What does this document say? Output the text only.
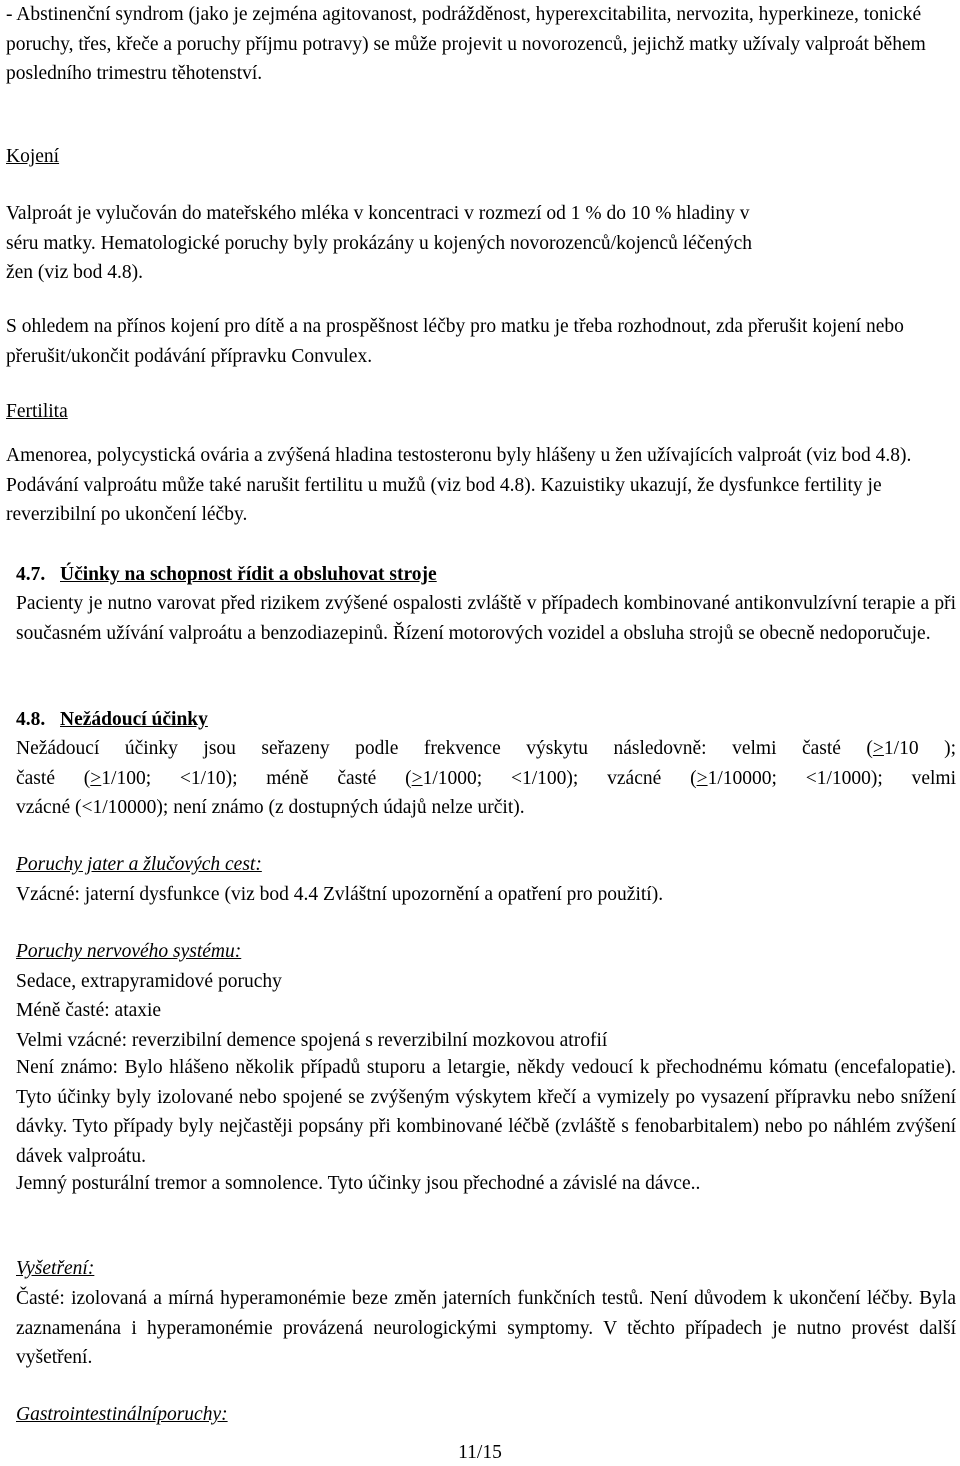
- Abstinenční syndrom (jako je zejména agitovanost, podrážděnost, hyperexcitabilita, nervozita, hyperkineze, tonické poruchy, třes, křeče a poruchy příjmu potravy) se může projevit u novorozenců, jejichž matky užívaly valproát během posledního trimestru těhotenství.

Kojení

Valproát je vylučován do mateřského mléka v koncentraci v rozmezí od 1 % do 10 % hladiny v
séru matky. Hematologické poruchy byly prokázány u kojených novorozenců/kojenců léčených
žen (viz bod 4.8).

S ohledem na přínos kojení pro dítě a na prospěšnost léčby pro matku je třeba rozhodnout, zda přerušit kojení nebo přerušit/ukončit podávání přípravku Convulex.

Fertilita

Amenorea, polycystická ovária a zvýšená hladina testosteronu byly hlášeny u žen užívajících valproát (viz bod 4.8). Podávání valproátu může také narušit fertilitu u mužů (viz bod 4.8). Kazuistiky ukazují, že dysfunkce fertility je reverzibilní po ukončení léčby.

4.7. Účinky na schopnost řídit a obsluhovat stroje

Pacienty je nutno varovat před rizikem zvýšené ospalosti zvláště v případech kombinované antikonvulzívní terapie a při současném užívání valproátu a benzodiazepinů. Řízení motorových vozidel a obsluha strojů se obecně nedoporučuje.

4.8. Nežádoucí účinky

Nežádoucí účinky jsou seřazeny podle frekvence výskytu následovně: velmi časté (≥1/10 );
časté (≥1/100; <1/10); méně časté (≥1/1000; <1/100); vzácné (≥1/10000; <1/1000); velmi
vzácné (<1/10000); není známo (z dostupných údajů nelze určit).

Poruchy jater a žlučových cest:
Vzácné: jaterní dysfunkce (viz bod 4.4 Zvláštní upozornění a opatření pro použití).

Poruchy nervového systému:
Sedace, extrapyramidové poruchy
Méně časté: ataxie
Velmi vzácné: reverzibilní demence spojená s reverzibilní mozkovou atrofií

Není známo: Bylo hlášeno několik případů stuporu a letargie, někdy vedoucí k přechodnému kómatu (encefalopatie). Tyto účinky byly izolované nebo spojené se zvýšeným výskytem křečí a vymizely po vysazení přípravku nebo snížení dávky. Tyto případy byly nejčastěji popsány při kombinované léčbě (zvláště s fenobarbitalem) nebo po náhlém zvýšení dávek valproátu.

Jemný posturální tremor a somnolence. Tyto účinky jsou přechodné a závislé na dávce..

Vyšetření:

Časté: izolovaná a mírná hyperamonémie beze změn jaterních funkčních testů. Není důvodem k ukončení léčby. Byla zaznamenána i hyperamonémie provázená neurologickými symptomy. V těchto případech je nutno provést další vyšetření.

Gastrointestinálníporuchy:

11/15
